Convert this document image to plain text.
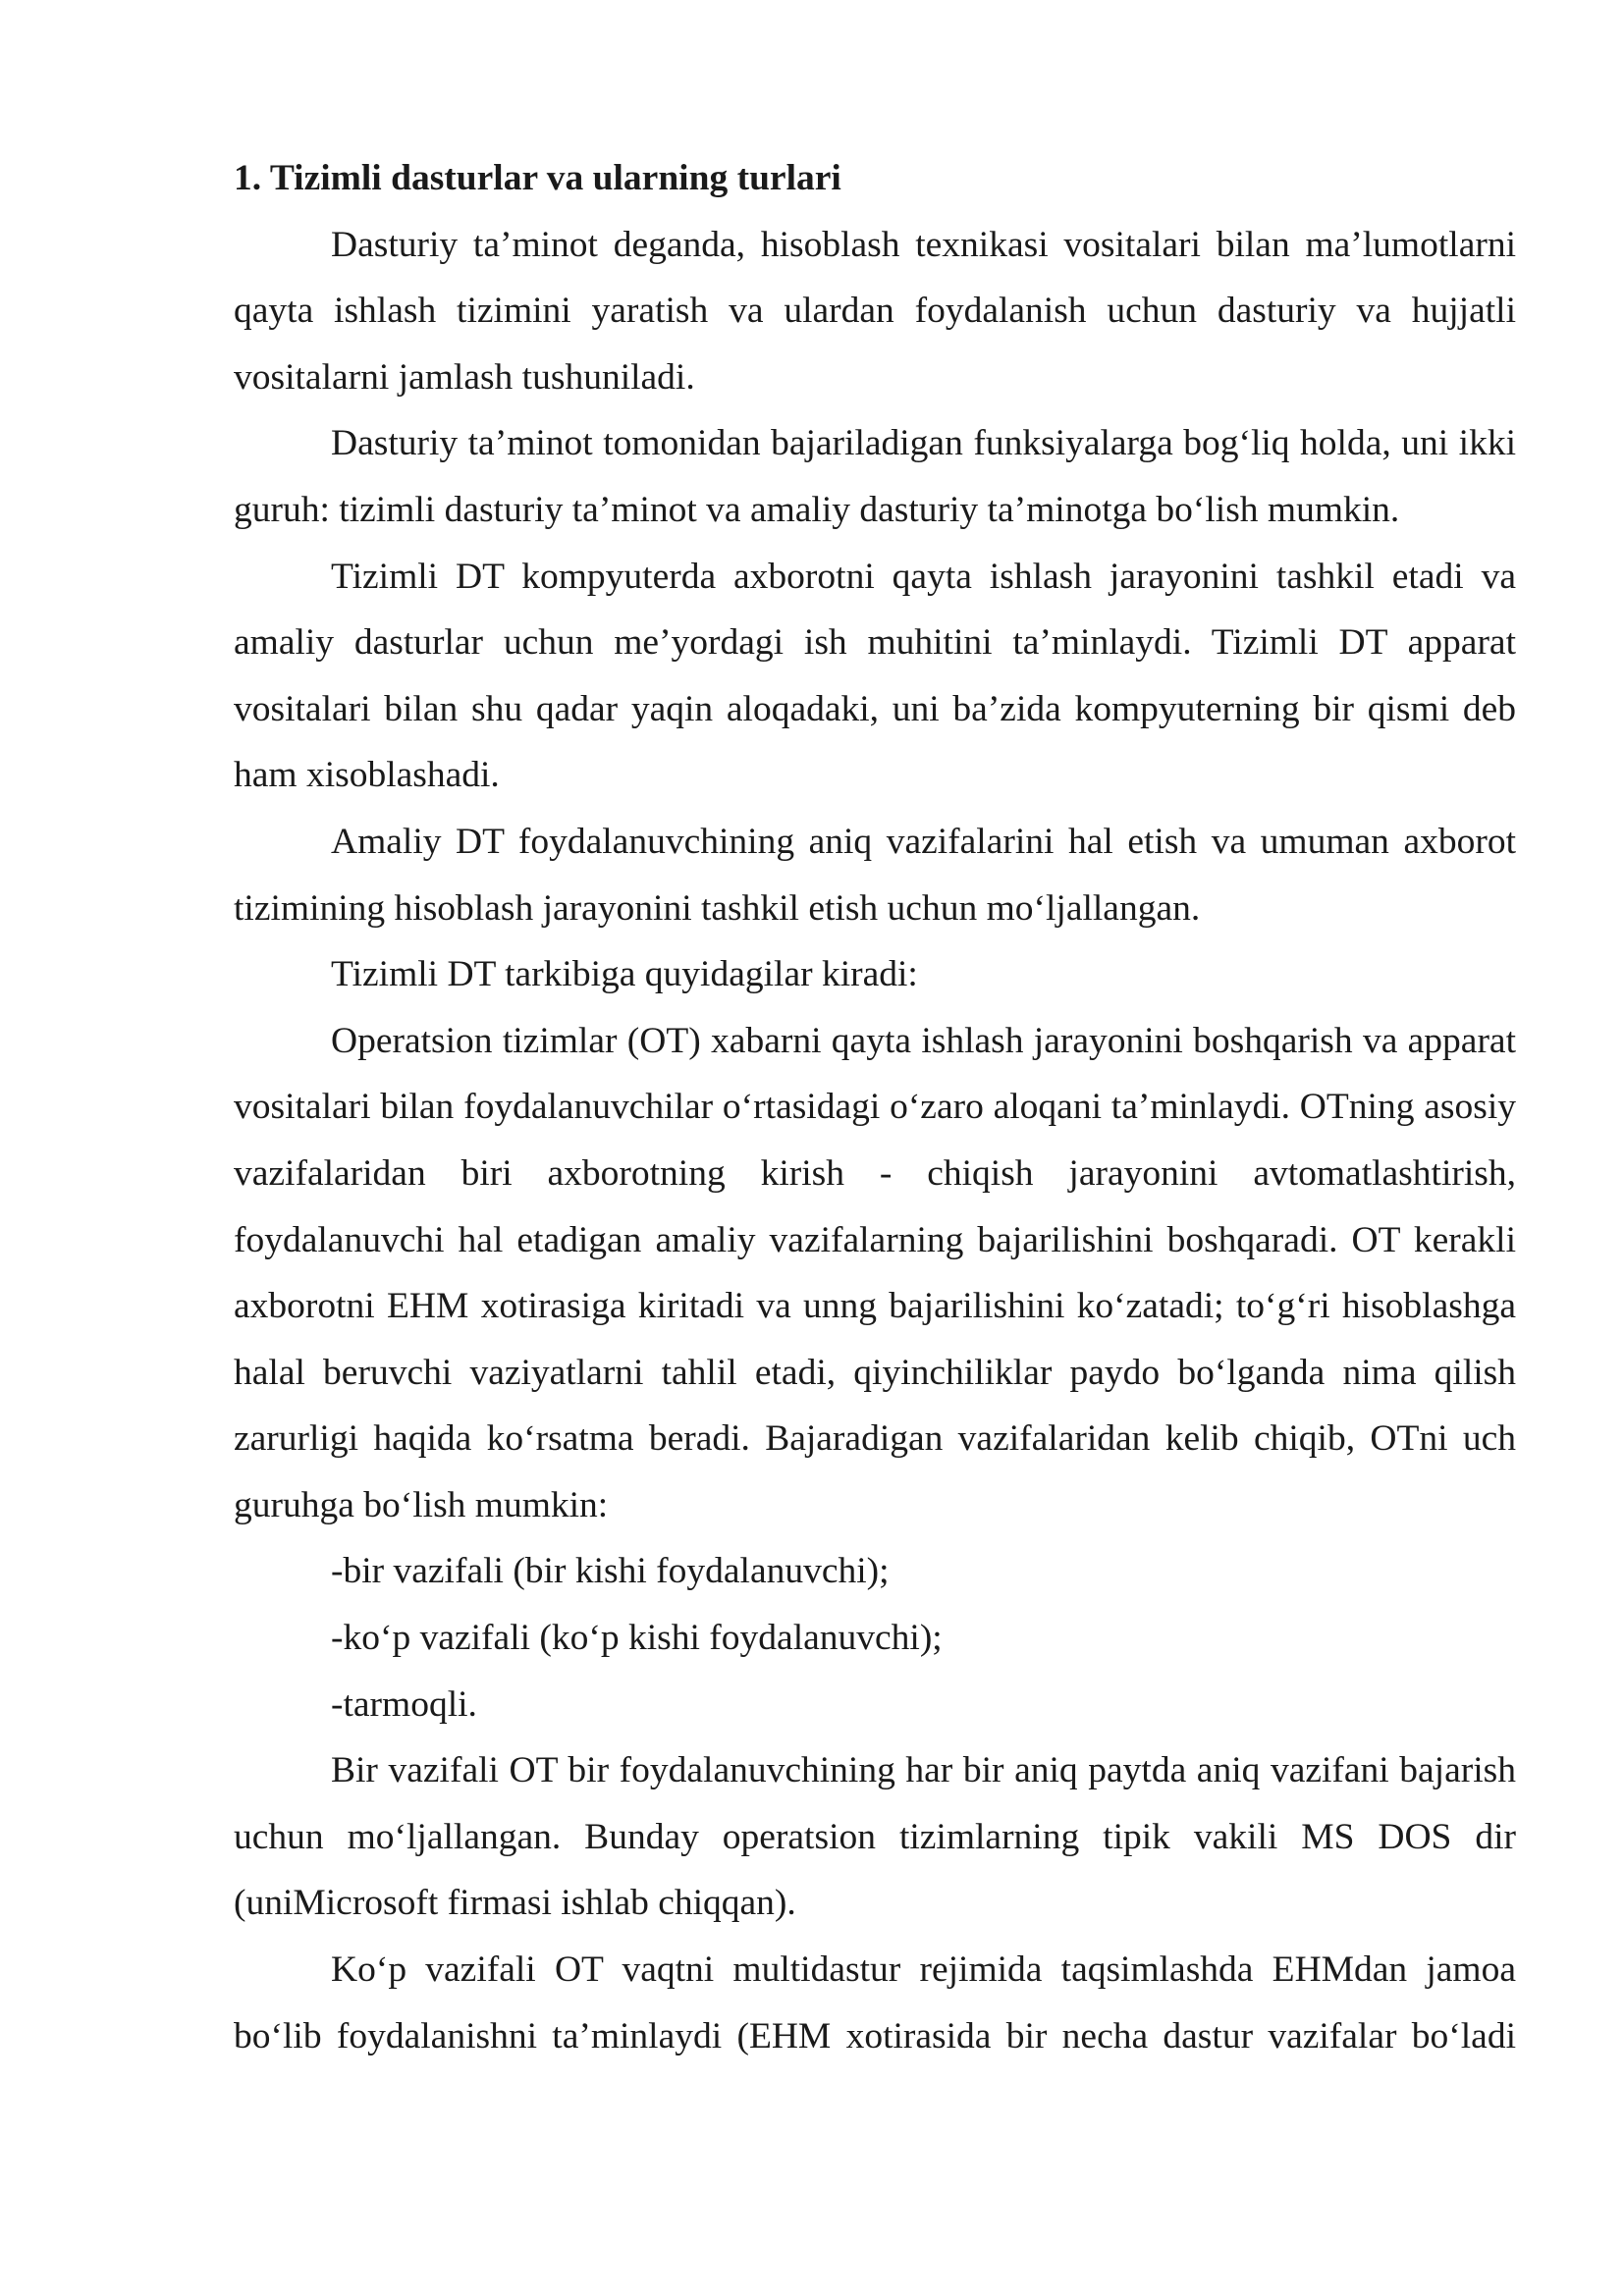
1. Tizimli dasturlar va ularning turlari

Dasturiy ta’minot deganda, hisoblash texnikasi vositalari bilan ma’lumotlarni qayta ishlash tizimini yaratish va ulardan foydalanish uchun dasturiy va hujjatli vositalarni jamlash tushuniladi.

Dasturiy ta’minot tomonidan bajariladigan funksiyalarga bog‘liq holda, uni ikki guruh: tizimli dasturiy ta’minot va amaliy dasturiy ta’minotga bo‘lish mumkin.

Tizimli DT kompyuterda axborotni qayta ishlash jarayonini tashkil etadi va amaliy dasturlar uchun me’yordagi ish muhitini ta’minlaydi. Tizimli DT apparat vositalari bilan shu qadar yaqin aloqadaki, uni ba’zida kompyuterning bir qismi deb ham xisoblashadi.

Amaliy DT foydalanuvchining aniq vazifalarini hal etish va umuman axborot tizimining hisoblash jarayonini tashkil etish uchun mo‘ljallangan.

Tizimli DT tarkibiga quyidagilar kiradi:

Operatsion tizimlar (OT) xabarni qayta ishlash jarayonini boshqarish va apparat vositalari bilan foydalanuvchilar o‘rtasidagi o‘zaro aloqani ta’minlaydi. OTning asosiy vazifalaridan biri axborotning kirish - chiqish jarayonini avtomatlashtirish, foydalanuvchi hal etadigan amaliy vazifalarning bajarilishini boshqaradi. OT kerakli axborotni EHM xotirasiga kiritadi va unng bajarilishini ko‘zatadi; to‘g‘ri hisoblashga halal beruvchi vaziyatlarni tahlil etadi, qiyinchiliklar paydo bo‘lganda nima qilish zarurligi haqida ko‘rsatma beradi. Bajaradigan vazifalaridan kelib chiqib, OTni uch guruhga bo‘lish mumkin:

-bir vazifali (bir kishi foydalanuvchi);

-ko‘p vazifali (ko‘p kishi foydalanuvchi);

-tarmoqli.

Bir vazifali OT bir foydalanuvchining har bir aniq paytda aniq vazifani bajarish uchun mo‘ljallangan. Bunday operatsion tizimlarning tipik vakili MS DOS dir (uniMicrosoft firmasi ishlab chiqqan).

Ko‘p vazifali OT vaqtni multidastur rejimida taqsimlashda EHMdan jamoa bo‘lib foydalanishni ta’minlaydi (EHM xotirasida bir necha dastur vazifalar bo‘ladi
